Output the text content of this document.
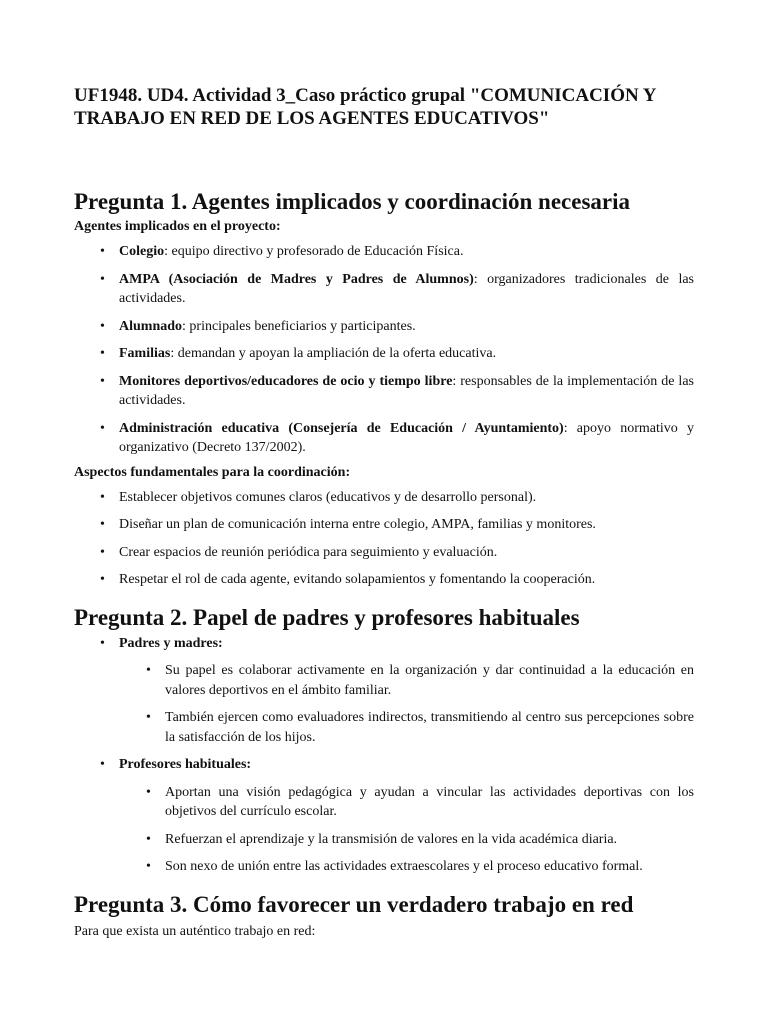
UF1948. UD4. Actividad 3_Caso práctico grupal "COMUNICACIÓN Y TRABAJO EN RED DE LOS AGENTES EDUCATIVOS"

Pregunta 1. Agentes implicados y coordinación necesaria

Agentes implicados en el proyecto:

• Colegio: equipo directivo y profesorado de Educación Física.
• AMPA (Asociación de Madres y Padres de Alumnos): organizadores tradicionales de las actividades.
• Alumnado: principales beneficiarios y participantes.
• Familias: demandan y apoyan la ampliación de la oferta educativa.
• Monitores deportivos/educadores de ocio y tiempo libre: responsables de la implementación de las actividades.
• Administración educativa (Consejería de Educación / Ayuntamiento): apoyo normativo y organizativo (Decreto 137/2002).

Aspectos fundamentales para la coordinación:

• Establecer objetivos comunes claros (educativos y de desarrollo personal).
• Diseñar un plan de comunicación interna entre colegio, AMPA, familias y monitores.
• Crear espacios de reunión periódica para seguimiento y evaluación.
• Respetar el rol de cada agente, evitando solapamientos y fomentando la cooperación.
Pregunta 2. Papel de padres y profesores habituales
• Padres y madres:
• Su papel es colaborar activamente en la organización y dar continuidad a la educación en valores deportivos en el ámbito familiar.
• También ejercen como evaluadores indirectos, transmitiendo al centro sus percepciones sobre la satisfacción de los hijos.
• Profesores habituales:
• Aportan una visión pedagógica y ayudan a vincular las actividades deportivas con los objetivos del currículo escolar.
• Refuerzan el aprendizaje y la transmisión de valores en la vida académica diaria.
• Son nexo de unión entre las actividades extraescolares y el proceso educativo formal.
Pregunta 3. Cómo favorecer un verdadero trabajo en red

Para que exista un auténtico trabajo en red:
